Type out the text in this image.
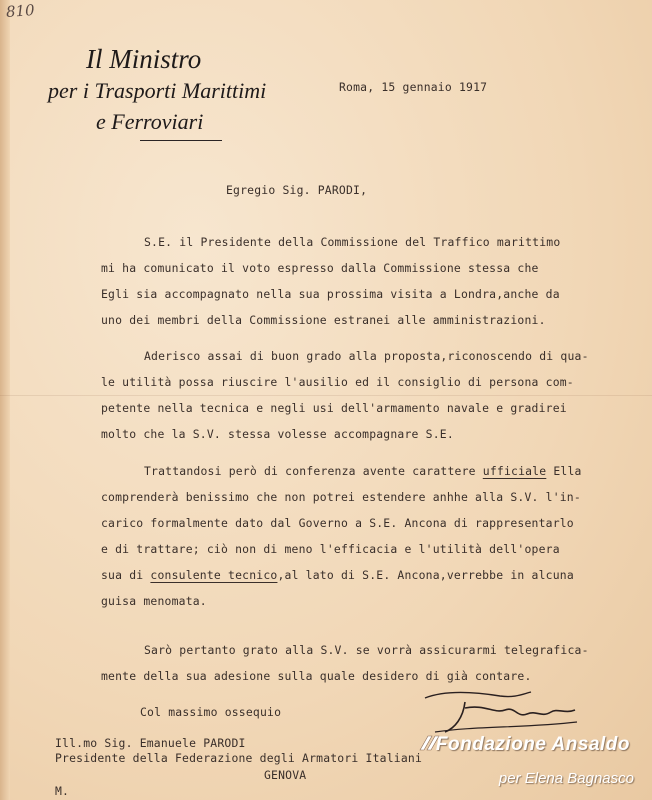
810
Il Ministro
per i Trasporti Marittimi
e Ferroviari
Roma, 15 gennaio 1917
Egregio Sig. PARODI,
S.E. il Presidente della Commissione del Traffico marittimo
mi ha comunicato il voto espresso dalla Commissione stessa che
Egli sia accompagnato nella sua prossima visita a Londra,anche da
uno dei membri della Commissione estranei alle amministrazioni.
Aderisco assai di buon grado alla proposta,riconoscendo di qua-
le utilità possa riuscire l'ausilio ed il consiglio di persona com-
petente nella tecnica e negli usi dell'armamento navale e gradirei
molto che la S.V. stessa volesse accompagnare S.E.
Trattandosi però di conferenza avente carattere ufficiale Ella
comprenderà benissimo che non potrei estendere anhhe alla S.V. l'in-
carico formalmente dato dal Governo a S.E. Ancona di rappresentarlo
e di trattare; ciò non di meno l'efficacia e l'utilità dell'opera
sua di consulente tecnico,al lato di S.E. Ancona,verrebbe in alcuna
guisa menomata.
Sarò pertanto grato alla S.V. se vorrà assicurarmi telegrafica-
mente della sua adesione sulla quale desidero di già contare.
Col massimo ossequio
Ill.mo Sig. Emanuele PARODI
Presidente della Federazione degli Armatori Italiani
GENOVA
M.
Fondazione Ansaldo
per Elena Bagnasco
